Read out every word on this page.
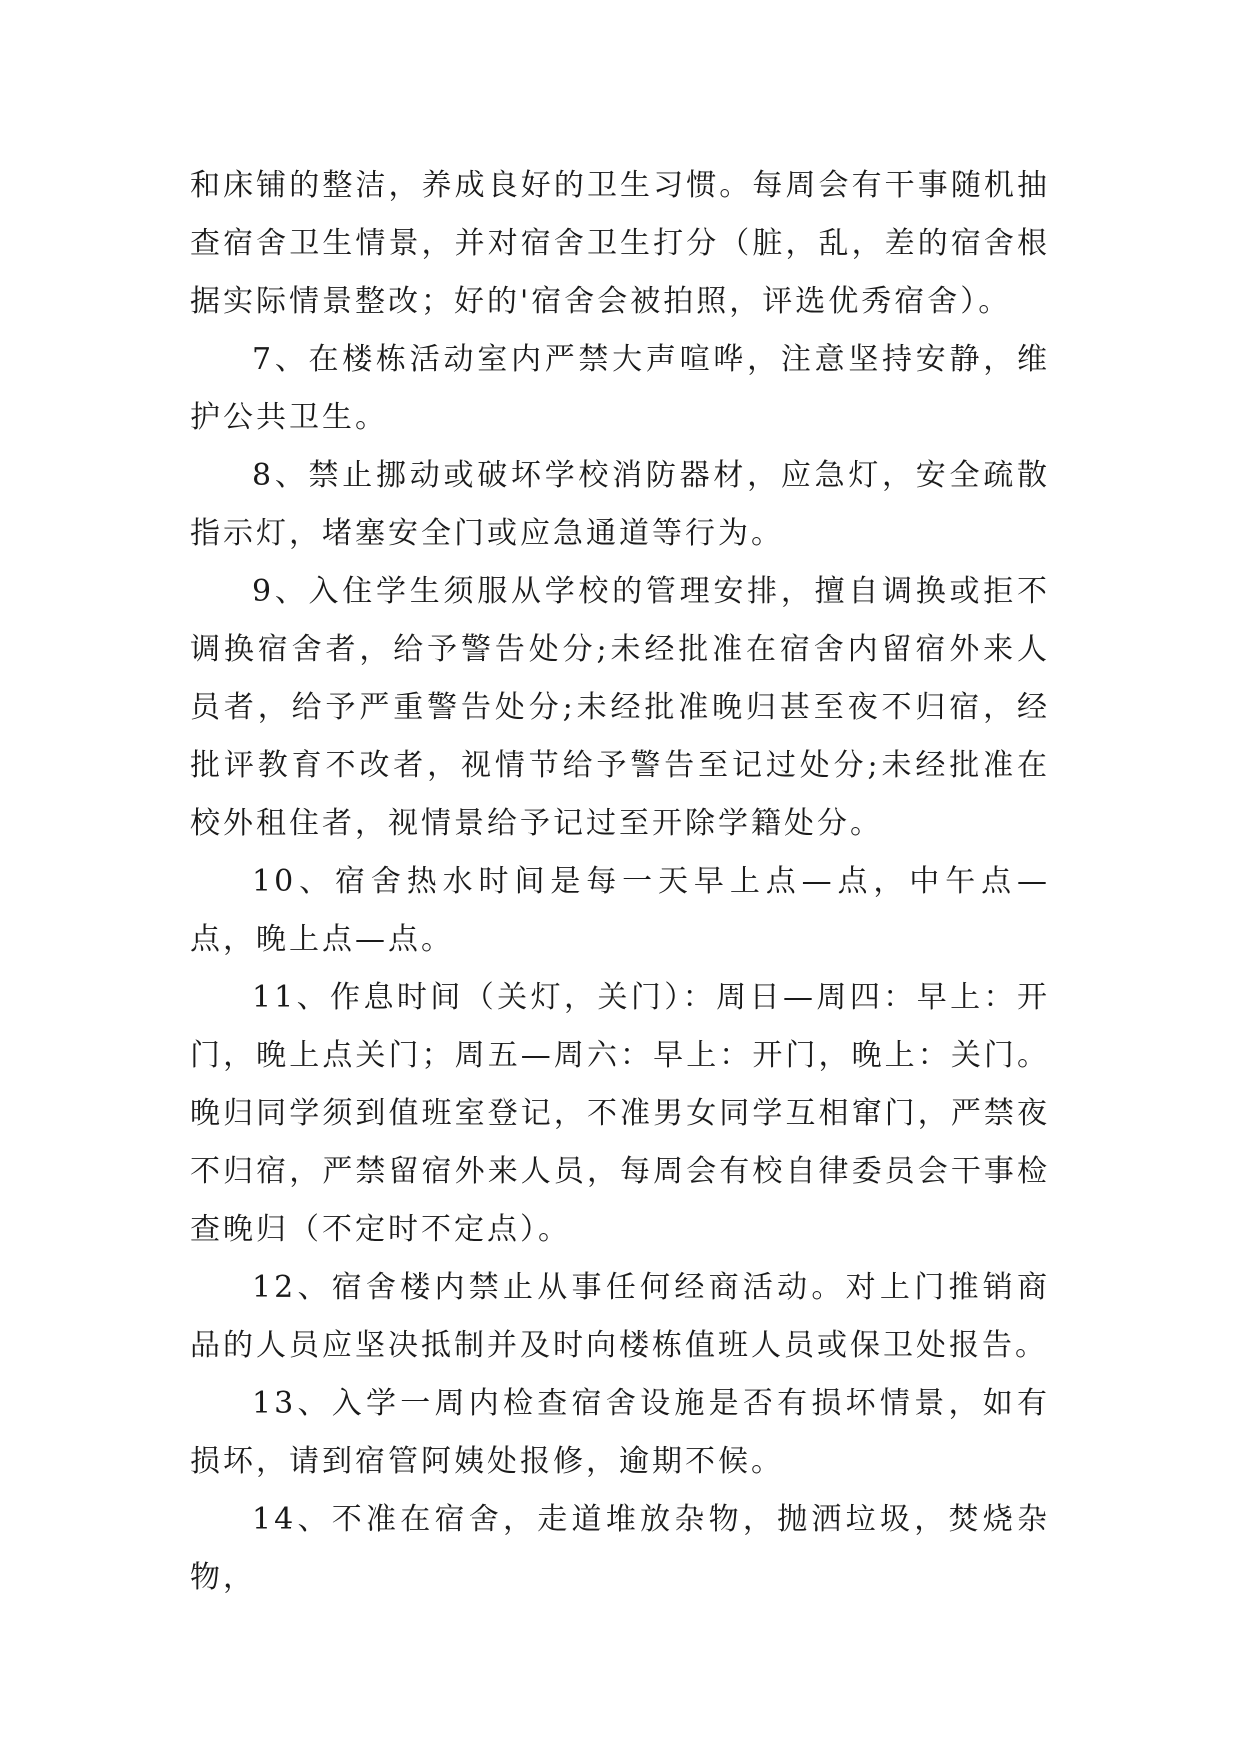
和床铺的整洁，养成良好的卫生习惯。每周会有干事随机抽查宿舍卫生情景，并对宿舍卫生打分（脏，乱，差的宿舍根据实际情景整改；好的'宿舍会被拍照，评选优秀宿舍）。

7、在楼栋活动室内严禁大声喧哗，注意坚持安静，维护公共卫生。

8、禁止挪动或破坏学校消防器材，应急灯，安全疏散指示灯，堵塞安全门或应急通道等行为。

9、入住学生须服从学校的管理安排，擅自调换或拒不调换宿舍者，给予警告处分;未经批准在宿舍内留宿外来人员者，给予严重警告处分;未经批准晚归甚至夜不归宿，经批评教育不改者，视情节给予警告至记过处分;未经批准在校外租住者，视情景给予记过至开除学籍处分。

10、宿舍热水时间是每一天早上点—点，中午点—点，晚上点—点。

11、作息时间（关灯，关门）：周日—周四：早上：开门，晚上点关门；周五—周六：早上：开门，晚上：关门。晚归同学须到值班室登记，不准男女同学互相窜门，严禁夜不归宿，严禁留宿外来人员，每周会有校自律委员会干事检查晚归（不定时不定点）。

12、宿舍楼内禁止从事任何经商活动。对上门推销商品的人员应坚决抵制并及时向楼栋值班人员或保卫处报告。

13、入学一周内检查宿舍设施是否有损坏情景，如有损坏，请到宿管阿姨处报修，逾期不候。

14、不准在宿舍，走道堆放杂物，抛洒垃圾，焚烧杂物，
